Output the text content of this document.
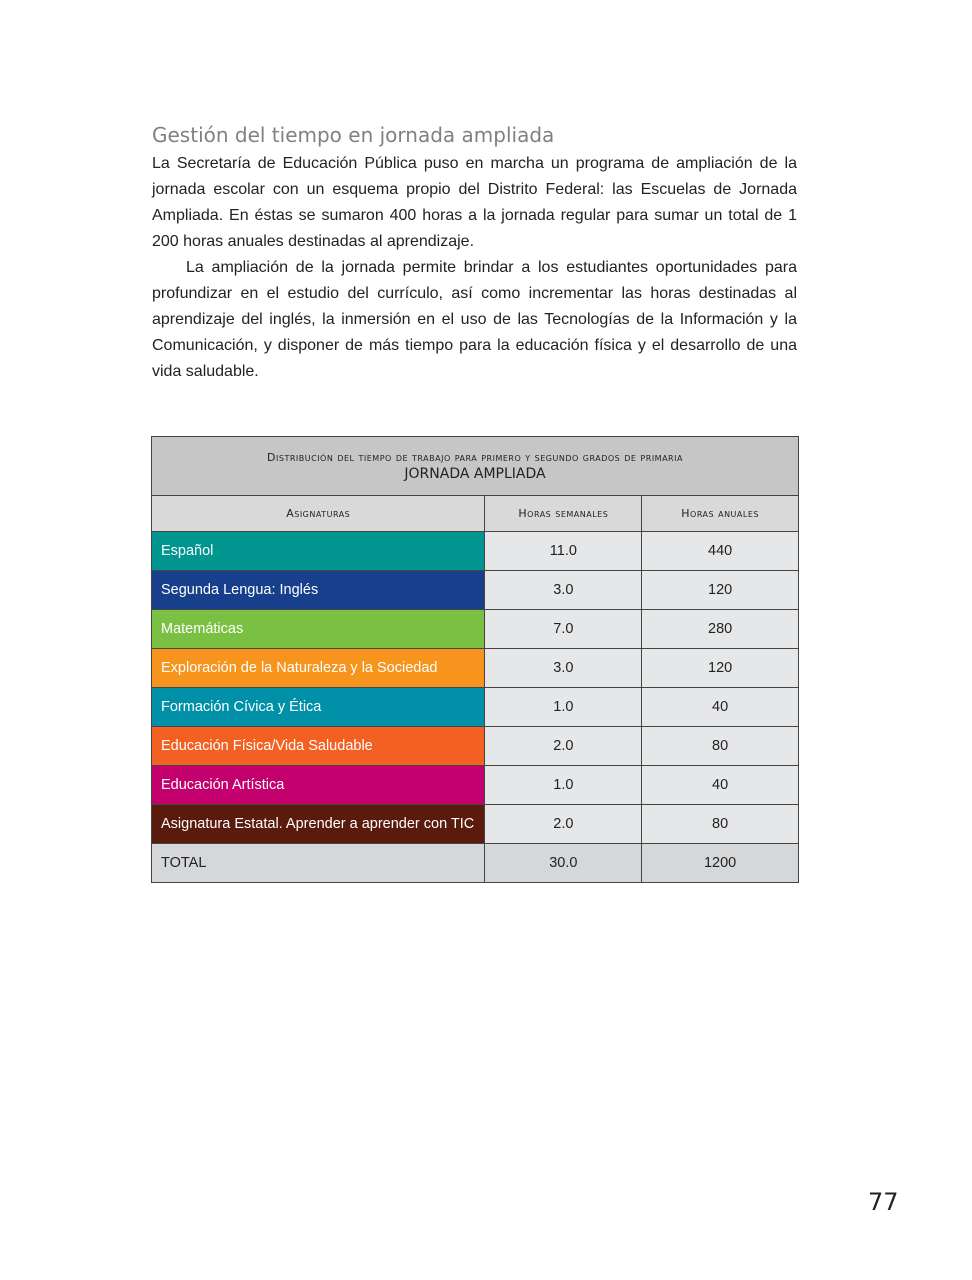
Gestión del tiempo en jornada ampliada

La Secretaría de Educación Pública puso en marcha un programa de ampliación de la jornada escolar con un esquema propio del Distrito Federal: las Escuelas de Jornada Ampliada. En éstas se sumaron 400 horas a la jornada regular para sumar un total de 1 200 horas anuales destinadas al aprendizaje.

La ampliación de la jornada permite brindar a los estudiantes oportunidades para profundizar en el estudio del currículo, así como incrementar las horas destinadas al aprendizaje del inglés, la inmersión en el uso de las Tecnologías de la Información y la Comunicación, y disponer de más tiempo para la educación física y el desarrollo de una vida saludable.

Distribución del tiempo de trabajo para primero y segundo grados de primaria
JORNADA AMPLIADA		

Asignaturas	Horas semanales	Horas anuales
Español	11.0	440
Segunda Lengua: Inglés	3.0	120
Matemáticas	7.0	280
Exploración de la Naturaleza y la Sociedad	3.0	120
Formación Cívica y Ética	1.0	40
Educación Física/Vida Saludable	2.0	80
Educación Artística	1.0	40
Asignatura Estatal. Aprender a aprender con TIC	2.0	80
TOTAL	30.0	1200
77
